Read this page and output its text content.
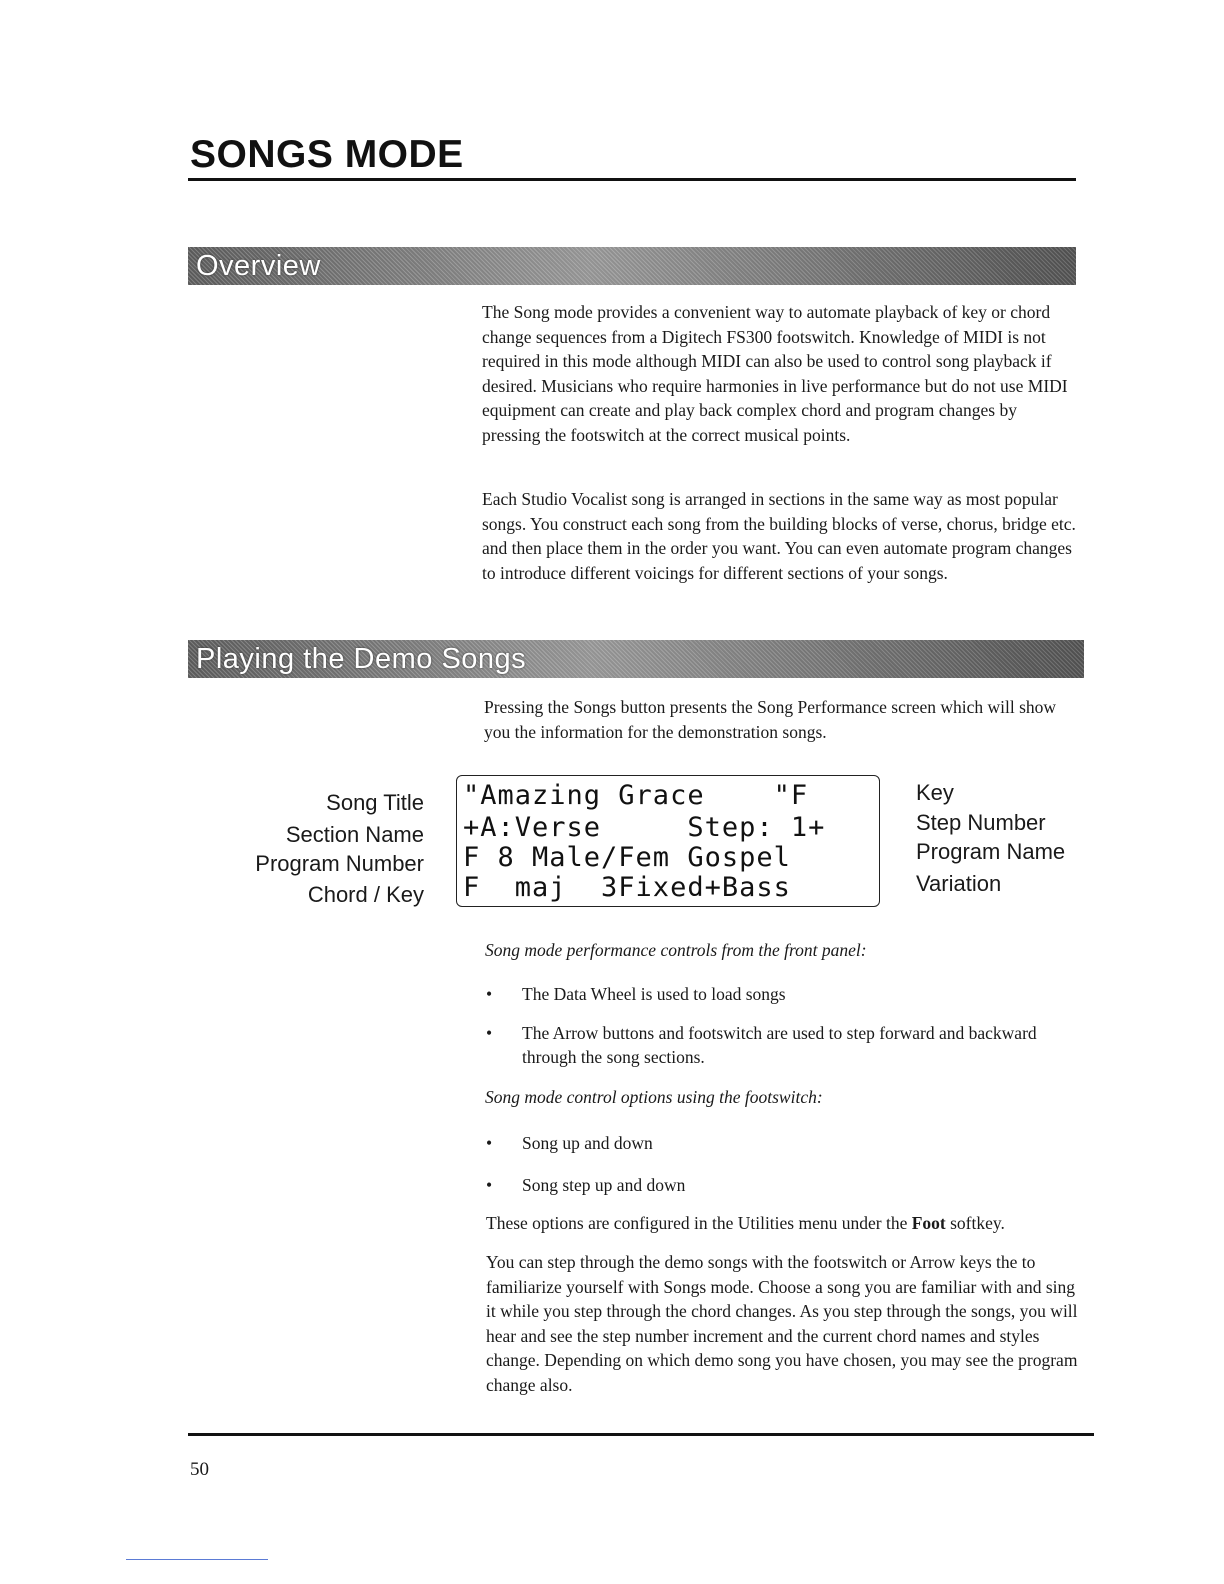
SONGS MODE
Overview

The Song mode provides a convenient way to automate playback of key or chord change sequences from a Digitech FS300 footswitch. Knowledge of MIDI is not required in this mode although MIDI can also be used to control song playback if desired. Musicians who require harmonies in live performance but do not use MIDI equipment can create and play back complex chord and program changes by pressing the footswitch at the correct musical points.

Each Studio Vocalist song is arranged in sections in the same way as most popular songs. You construct each song from the building blocks of verse, chorus, bridge etc. and then place them in the order you want. You can even automate program changes to introduce different voicings for different sections of your songs.

Playing the Demo Songs

Pressing the Songs button presents the Song Performance screen which will show you the information for the demonstration songs.

Song Title
Section Name
Program Number
Chord / Key
"Amazing Grace    "F
+A:Verse     Step: 1+
F 8 Male/Fem Gospel
F  maj  3Fixed+Bass
Key
Step Number
Program Name
Variation
Song mode performance controls from the front panel:
• The Data Wheel is used to load songs
• The Arrow buttons and footswitch are used to step forward and backward through the song sections.
Song mode control options using the footswitch:
• Song up and down
• Song step up and down

These options are configured in the Utilities menu under the Foot softkey.

You can step through the demo songs with the footswitch or Arrow keys the to familiarize yourself with Songs mode. Choose a song you are familiar with and sing it while you step through the chord changes. As you step through the songs, you will hear and see the step number increment and the current chord names and styles change. Depending on which demo song you have chosen, you may see the program change also.

50
